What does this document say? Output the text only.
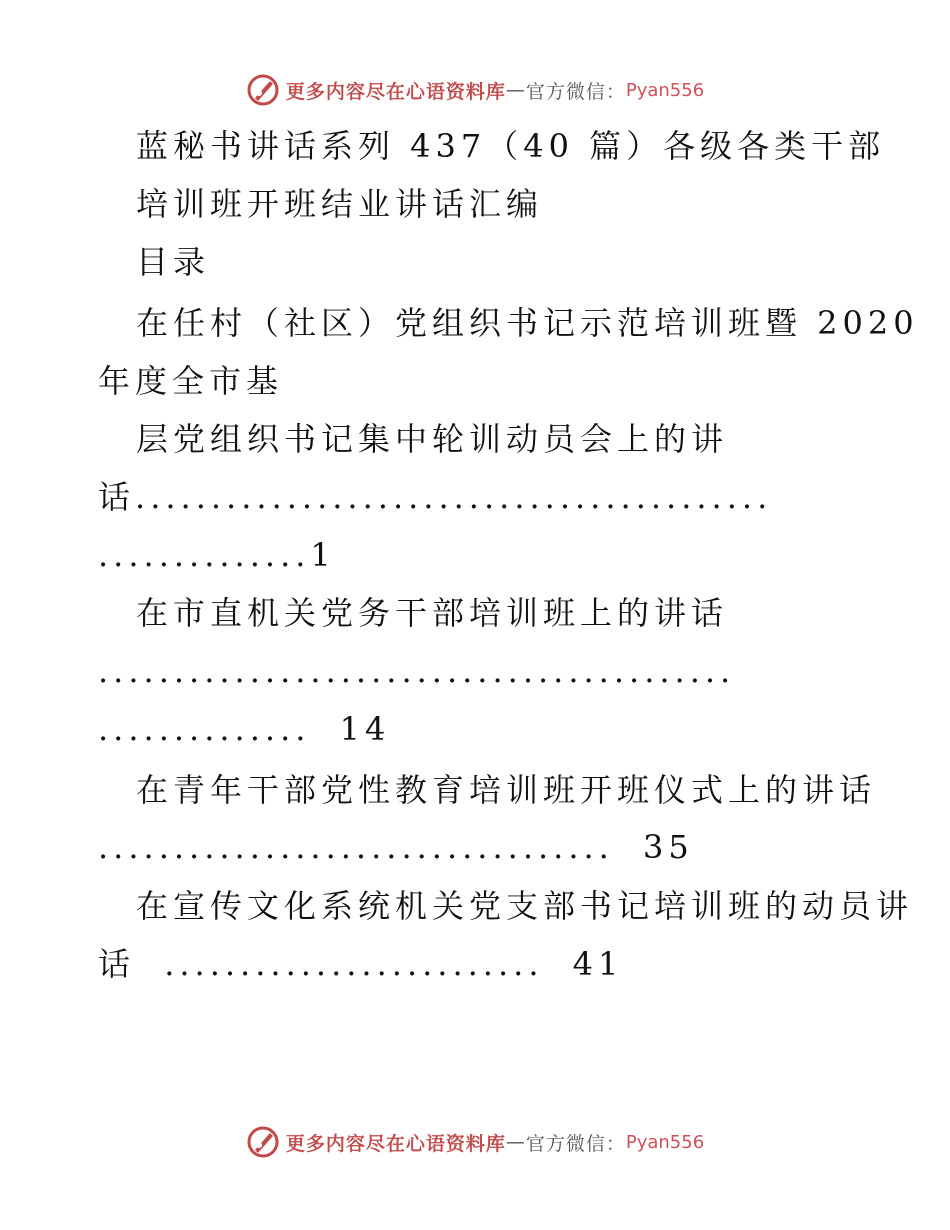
更多内容尽在心语资料库 — 官方微信： Pyan556
蓝秘书讲话系列 437（40 篇）各级各类干部
培训班开班结业讲话汇编
目录
在任村（社区）党组织书记示范培训班暨 2020
年度全市基
层党组织书记集中轮训动员会上的讲
话 ..........................................
..............1
在市直机关党务干部培训班上的讲话
..........................................
.............. 14
在青年干部党性教育培训班开班仪式上的讲话
.................................. 35
在宣传文化系统机关党支部书记培训班的动员讲
话 ......................... 41
更多内容尽在心语资料库 — 官方微信： Pyan556
